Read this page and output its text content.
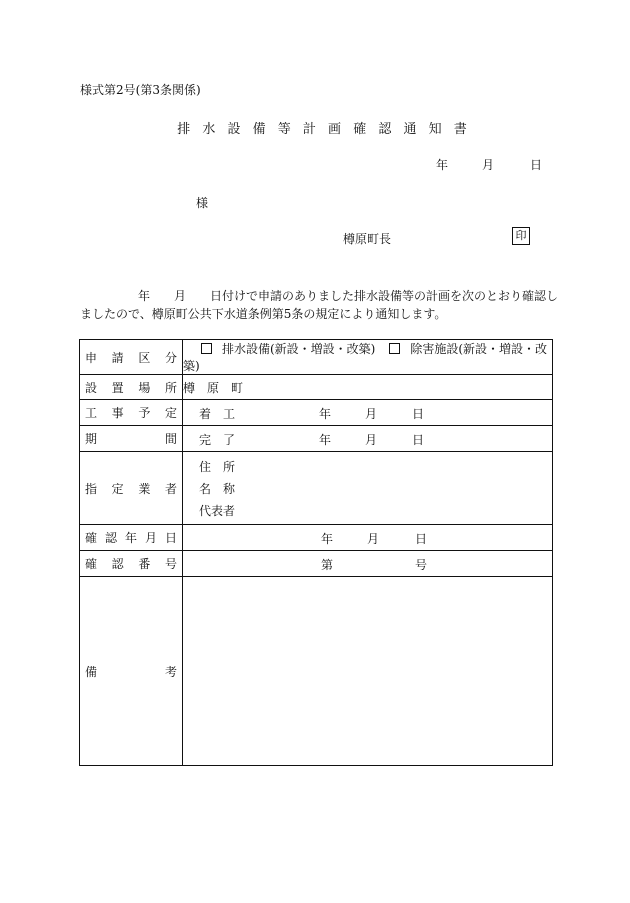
様式第2号(第3条関係)
排 水 設 備 等 計 画 確 認 通 知 書
年	月	日
様
樽原町長	印
年 月 日付けで申請のありました排水設備等の計画を次のとおり確認し
ましたので、樽原町公共下水道条例第5条の規定により通知します。
申 請 区 分	排水設備(新設・増設・改築) 除害施設(新設・増設・改築)

設 置 場 所	樽　原　町

工 事 予 定	着　工 年 月 日

期 間	完　了 年 月 日

指 定 業 者	住　所
名　称
代表者

確 認 年 月 日	年 月 日

確 認 番 号	第 号

備 考	
